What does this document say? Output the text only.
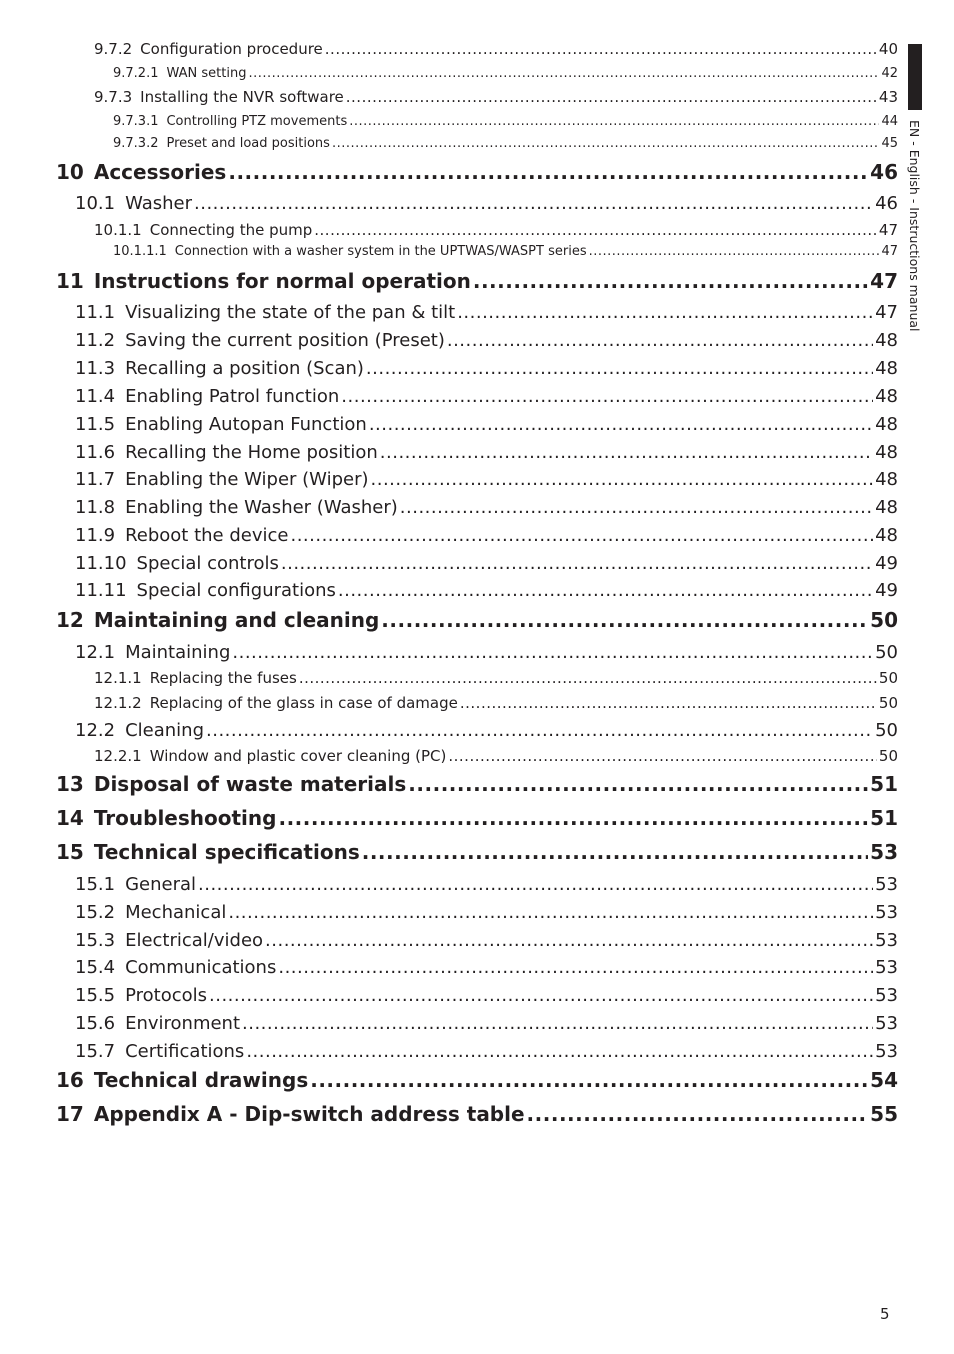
9.7.2 Configuration procedure .....	40
9.7.2.1 WAN setting .....	42
9.7.3 Installing the NVR software .....	43
9.7.3.1 Controlling PTZ movements .....	44
9.7.3.2 Preset and load positions .....	45
10 Accessories .....	46
10.1 Washer .....	46
10.1.1 Connecting the pump .....	47
10.1.1.1 Connection with a washer system in the UPTWAS/WASPT series .....	47
11 Instructions for normal operation .....	47
11.1 Visualizing the state of the pan & tilt .....	47
11.2 Saving the current position (Preset) .....	48
11.3 Recalling a position (Scan) .....	48
11.4 Enabling Patrol function .....	48
11.5 Enabling Autopan Function .....	48
11.6 Recalling the Home position .....	48
11.7 Enabling the Wiper (Wiper) .....	48
11.8 Enabling the Washer (Washer) .....	48
11.9 Reboot the device .....	48
11.10 Special controls .....	49
11.11 Special configurations .....	49
12 Maintaining and cleaning .....	50
12.1 Maintaining .....	50
12.1.1 Replacing the fuses .....	50
12.1.2 Replacing of the glass in case of damage .....	50
12.2 Cleaning .....	50
12.2.1 Window and plastic cover cleaning (PC) .....	50
13 Disposal of waste materials .....	51
14 Troubleshooting .....	51
15 Technical specifications .....	53
15.1 General .....	53
15.2 Mechanical .....	53
15.3 Electrical/video .....	53
15.4 Communications .....	53
15.5 Protocols .....	53
15.6 Environment .....	53
15.7 Certifications .....	53
16 Technical drawings .....	54
17 Appendix A - Dip-switch address table .....	55
EN - English - Instructions manual
5
